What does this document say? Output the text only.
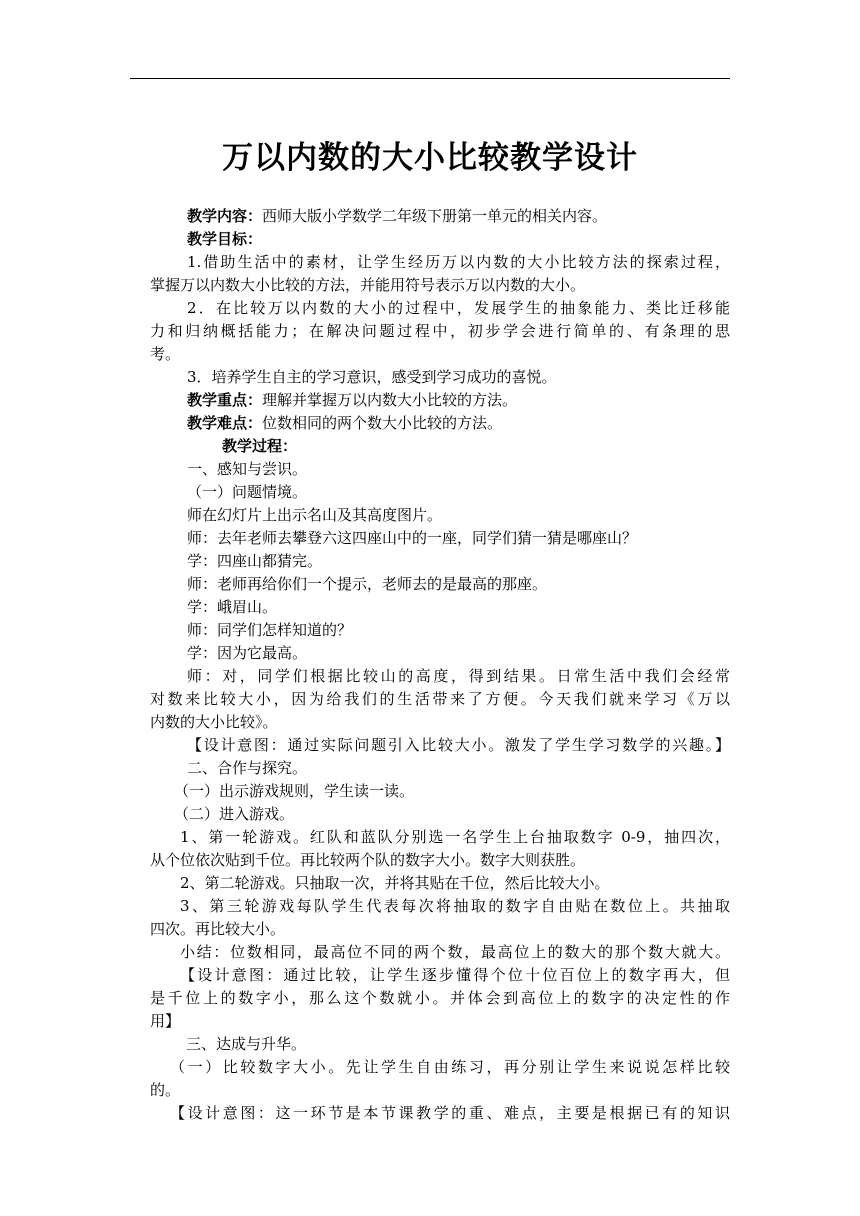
万以内数的大小比较教学设计
教学内容：西师大版小学数学二年级下册第一单元的相关内容。
教学目标：
1.借助生活中的素材，让学生经历万以内数的大小比较方法的探索过程，
掌握万以内数大小比较的方法，并能用符号表示万以内数的大小。
2．在比较万以内数的大小的过程中，发展学生的抽象能力、类比迁移能
力和归纳概括能力；在解决问题过程中，初步学会进行简单的、有条理的思
考。
3．培养学生自主的学习意识，感受到学习成功的喜悦。
教学重点：理解并掌握万以内数大小比较的方法。
教学难点：位数相同的两个数大小比较的方法。
教学过程：
一、感知与尝识。
（一）问题情境。
师在幻灯片上出示名山及其高度图片。
师：去年老师去攀登六这四座山中的一座，同学们猜一猜是哪座山？
学：四座山都猜完。
师：老师再给你们一个提示，老师去的是最高的那座。
学：峨眉山。
师：同学们怎样知道的？
学：因为它最高。
师：对，同学们根据比较山的高度，得到结果。日常生活中我们会经常
对数来比较大小，因为给我们的生活带来了方便。今天我们就来学习《万以
内数的大小比较》。
【设计意图：通过实际问题引入比较大小。激发了学生学习数学的兴趣。】
二、合作与探究。
（一）出示游戏规则，学生读一读。
（二）进入游戏。
1、第一轮游戏。红队和蓝队分别选一名学生上台抽取数字 0-9，抽四次，
从个位依次贴到千位。再比较两个队的数字大小。数字大则获胜。
2、第二轮游戏。只抽取一次，并将其贴在千位，然后比较大小。
3、第三轮游戏每队学生代表每次将抽取的数字自由贴在数位上。共抽取
四次。再比较大小。
小结：位数相同，最高位不同的两个数，最高位上的数大的那个数大就大。
【设计意图：通过比较，让学生逐步懂得个位十位百位上的数字再大，但
是千位上的数字小，那么这个数就小。并体会到高位上的数字的决定性的作
用】
三、达成与升华。
（一）比较数字大小。先让学生自由练习，再分别让学生来说说怎样比较
的。
【设计意图：这一环节是本节课教学的重、难点，主要是根据已有的知识
